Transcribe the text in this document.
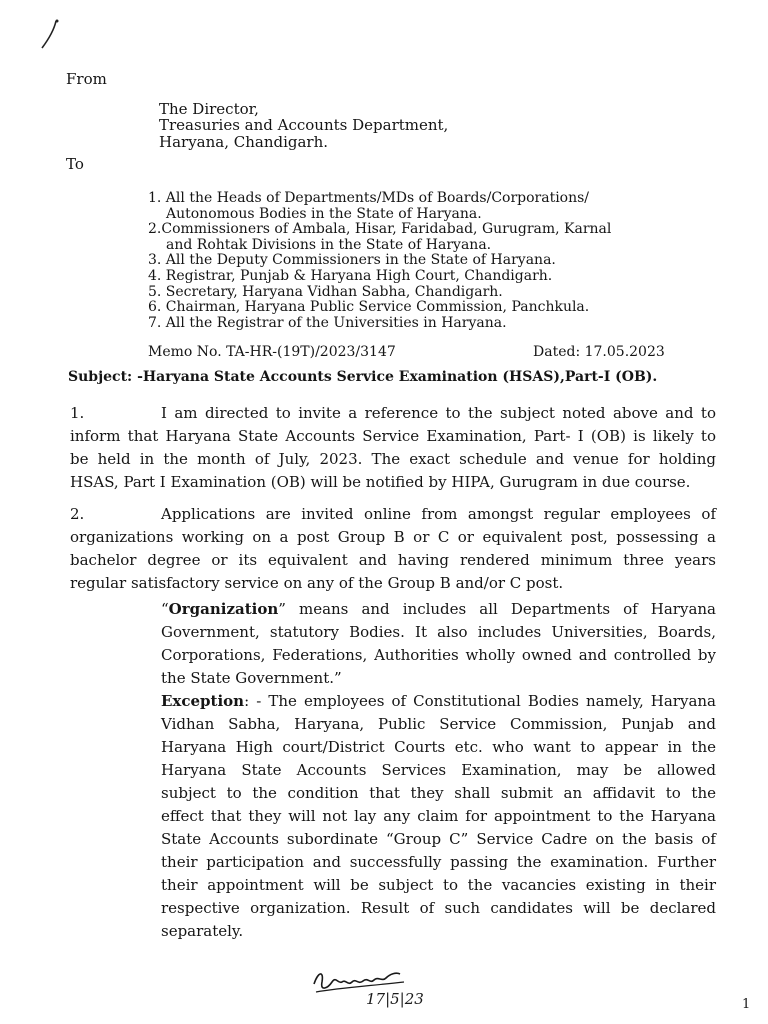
From
The Director,
Treasuries and Accounts Department,
Haryana, Chandigarh.
To
1. All the Heads of Departments/MDs of Boards/Corporations/
Autonomous Bodies in the State of Haryana.
2.Commissioners of Ambala, Hisar, Faridabad, Gurugram, Karnal
and Rohtak Divisions in the State of Haryana.
3. All the Deputy Commissioners in the State of Haryana.
4. Registrar, Punjab & Haryana High Court, Chandigarh.
5. Secretary, Haryana Vidhan Sabha, Chandigarh.
6. Chairman, Haryana Public Service Commission, Panchkula.
7. All the Registrar of the Universities in Haryana.
Memo No. TA-HR-(19T)/2023/3147	Dated: 17.05.2023
Subject: -Haryana State Accounts Service Examination (HSAS),Part-I (OB).
1.	I am directed to invite a reference to the subject noted above and to
inform that Haryana State Accounts Service Examination, Part- I (OB) is likely to
be held in the month of July, 2023. The exact schedule and venue for holding
HSAS, Part I Examination (OB) will be notified by HIPA, Gurugram in due course.
2.	Applications are invited online from amongst regular employees of
organizations working on a post Group B or C or equivalent post, possessing a
bachelor degree or its equivalent and having rendered minimum three years
regular satisfactory service on any of the Group B and/or C post.
“Organization” means and includes all Departments of Haryana
Government, statutory Bodies. It also includes Universities, Boards,
Corporations, Federations, Authorities wholly owned and controlled by
the State Government.”
Exception: - The employees of Constitutional Bodies namely, Haryana
Vidhan Sabha, Haryana, Public Service Commission, Punjab and
Haryana High court/District Courts etc. who want to appear in the
Haryana State Accounts Services Examination, may be allowed
subject to the condition that they shall submit an affidavit to the
effect that they will not lay any claim for appointment to the Haryana
State Accounts subordinate “Group C” Service Cadre on the basis of
their participation and successfully passing the examination. Further
their appointment will be subject to the vacancies existing in their
respective organization. Result of such candidates will be declared
separately.
17|5|23	1
